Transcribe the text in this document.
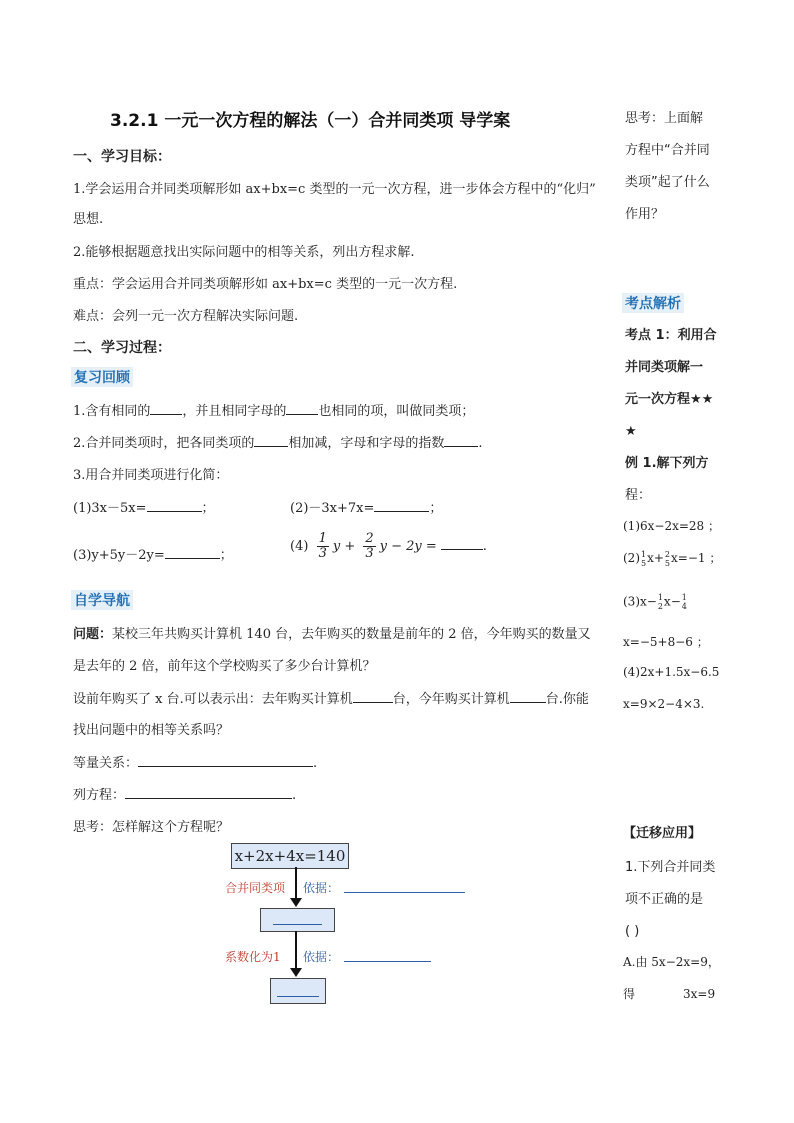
3.2.1 一元一次方程的解法（一）合并同类项 导学案
一、学习目标：
1.学会运用合并同类项解形如 ax+bx=c 类型的一元一次方程，进一步体会方程中的“化归”
思想.
2.能够根据题意找出实际问题中的相等关系，列出方程求解.
重点：学会运用合并同类项解形如 ax+bx=c 类型的一元一次方程.
难点：会列一元一次方程解决实际问题.
二、学习过程：
复习回顾
1.含有相同的 ，并且相同字母的 也相同的项，叫做同类项；
2.合并同类项时，把各同类项的	相加减，字母和字母的指数	.
3.用合并同类项进行化简：
(1)3x－5x=	；	(2)－3x+7x=	；
(3)y+5y－2y=	；
$(4) \frac{1}{3}$ $y + \frac{2}{3}$ y − 2y =	.
自学导航
问题：某校三年共购买计算机 140 台，去年购买的数量是前年的 2 倍，今年购买的数量又
是去年的 2 倍，前年这个学校购买了多少台计算机？
设前年购买了 x 台.可以表示出：去年购买计算机	台，今年购买计算机	台.你能
找出问题中的相等关系吗？
等量关系：	.
列方程：	.
思考：怎样解这个方程呢？
x+2x+4x=140
合并同类项 依据：
系数化为1 依据：
思考：上面解
方程中“合并同
类项”起了什么
作用？
考点解析
考点 1：利用合
并同类项解一
元一次方程★★
★
例 1.解下列方
程：
(1)6x−2x=28 ；
(2) 1
5 x+ 2
5 x=−1 ；
(3)x− 1
2 x− 1
4
x=−5+8−6 ；
(4)2x+1.5x−6.5
x=9×2−4×3.
【迁移应用】
1.下列合并同类
项不正确的是
( )
A.由 5x−2x=9，
得	3x=9
